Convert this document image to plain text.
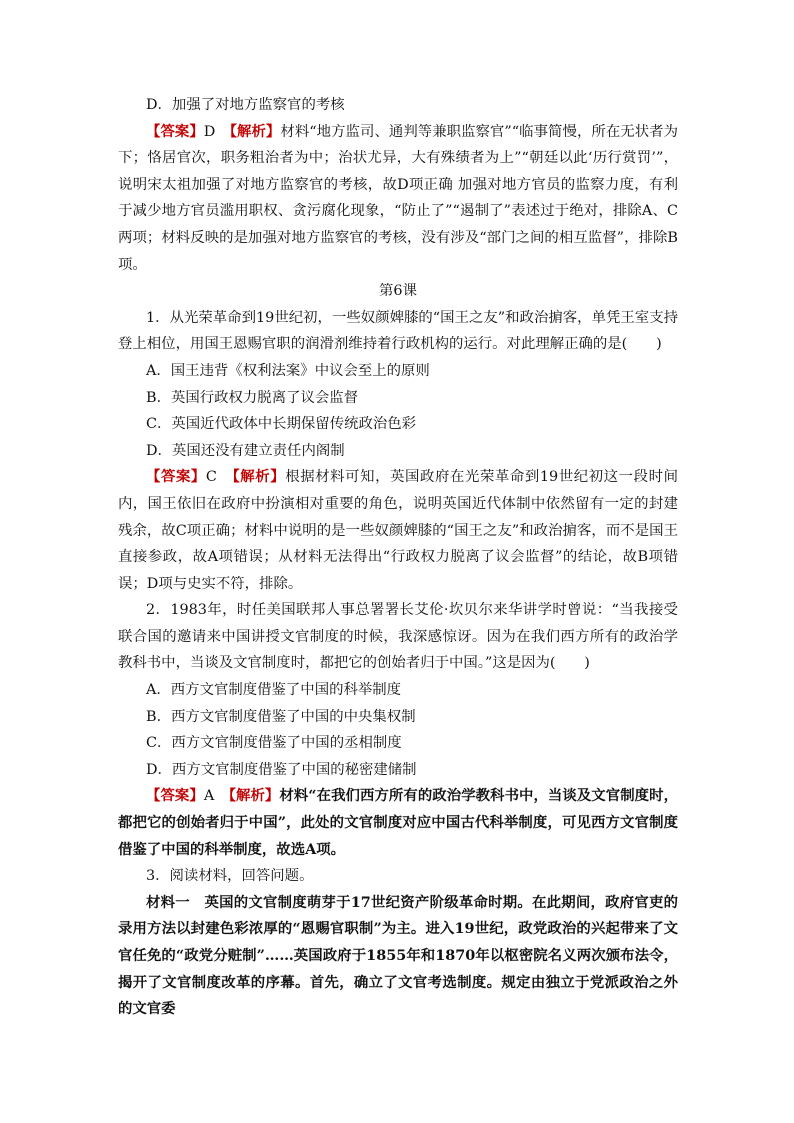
D．加强了对地方监察官的考核

【答案】D　 【解析】材料“地方监司、通判等兼职监察官”“临事简慢，所在无状者为下；恪居官次，职务粗治者为中；治状尤异，大有殊绩者为上”“朝廷以此‘历行赏罚’”，说明宋太祖加强了对地方监察官的考核，故D项正确 加强对地方官员的监察力度，有利于减少地方官员滥用职权、贪污腐化现象，“防止了”“遏制了”表述过于绝对，排除A、C两项；材料反映的是加强对地方监察官的考核，没有涉及“部门之间的相互监督”，排除B项。

第6课

1．从光荣革命到19世纪初，一些奴颜婢膝的“国王之友”和政治掮客，单凭王室支持登上相位，用国王恩赐官职的润滑剂维持着行政机构的运行。对此理解正确的是(　　)

A．国王违背《权利法案》中议会至上的原则

B．英国行政权力脱离了议会监督

C．英国近代政体中长期保留传统政治色彩

D．英国还没有建立责任内阁制

【答案】C　 【解析】根据材料可知，英国政府在光荣革命到19世纪初这一段时间内，国王依旧在政府中扮演相对重要的角色，说明英国近代体制中依然留有一定的封建残余，故C项正确；材料中说明的是一些奴颜婢膝的“国王之友”和政治掮客，而不是国王直接参政，故A项错误；从材料无法得出“行政权力脱离了议会监督”的结论，故B项错误；D项与史实不符，排除。

2．1983年，时任美国联邦人事总署署长艾伦·坎贝尔来华讲学时曾说：“当我接受联合国的邀请来中国讲授文官制度的时候，我深感惊讶。因为在我们西方所有的政治学教科书中，当谈及文官制度时，都把它的创始者归于中国。”这是因为(　　)

A．西方文官制度借鉴了中国的科举制度

B．西方文官制度借鉴了中国的中央集权制

C．西方文官制度借鉴了中国的丞相制度

D．西方文官制度借鉴了中国的秘密建储制

【答案】A　 【解析】材料“在我们西方所有的政治学教科书中，当谈及文官制度时，都把它的创始者归于中国”，此处的文官制度对应中国古代科举制度，可见西方文官制度借鉴了中国的科举制度，故选A项。

3．阅读材料，回答问题。

材料一　英国的文官制度萌芽于17世纪资产阶级革命时期。在此期间，政府官吏的录用方法以封建色彩浓厚的“恩赐官职制”为主。进入19世纪，政党政治的兴起带来了文官任免的“政党分赃制”……英国政府于1855年和1870年以枢密院名义两次颁布法令，揭开了文官制度改革的序幕。首先，确立了文官考选制度。规定由独立于党派政治之外的文官委
